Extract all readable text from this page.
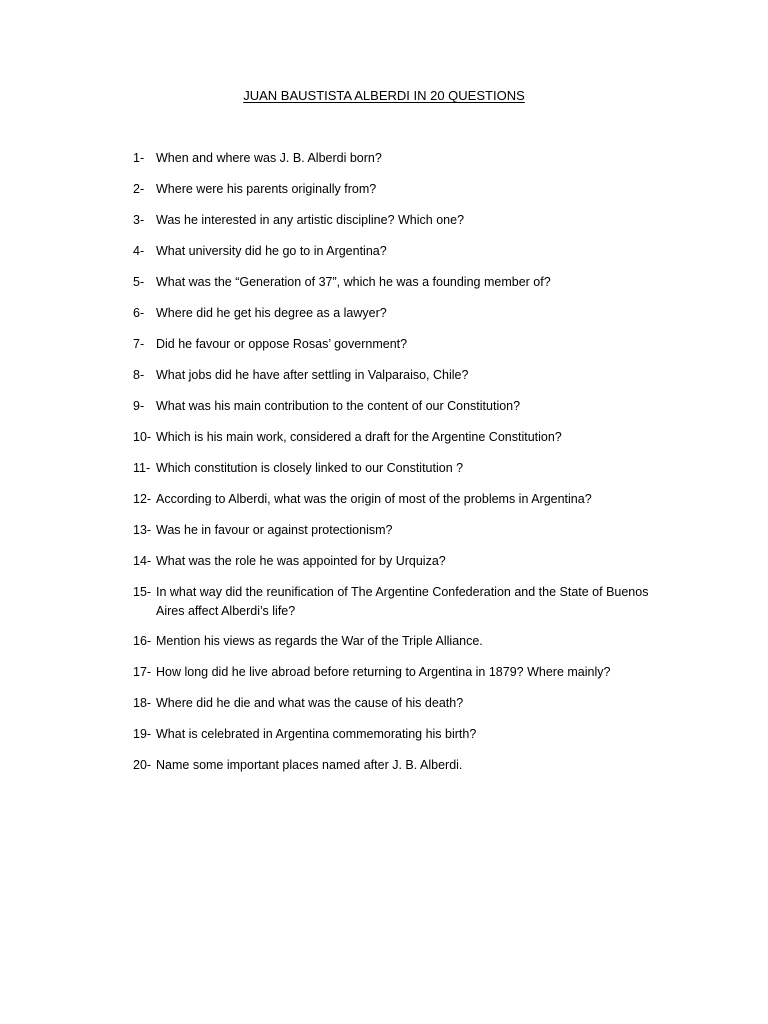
JUAN BAUSTISTA ALBERDI IN 20 QUESTIONS
1- When and where was J. B. Alberdi born?
2- Where were his parents originally from?
3- Was he interested in any artistic discipline? Which one?
4- What university did he go to in Argentina?
5- What was the “Generation of 37”, which he was a founding member of?
6- Where did he get his degree as a lawyer?
7- Did he favour or oppose Rosas’ government?
8- What jobs did he have after settling in Valparaiso, Chile?
9- What was his main contribution to the content of our Constitution?
10- Which is his main work, considered a draft for the Argentine Constitution?
11- Which constitution is closely linked to our Constitution ?
12- According to Alberdi, what was the origin of most of the problems in Argentina?
13- Was he in favour or against protectionism?
14- What was the role he was appointed for by Urquiza?
15- In what way did the reunification of The Argentine Confederation and the State of Buenos Aires affect Alberdi’s life?
16- Mention his views as regards the War of the Triple Alliance.
17- How long did he live abroad before returning to Argentina in 1879? Where mainly?
18- Where did he die and what was the cause of his death?
19- What is celebrated in Argentina commemorating his birth?
20- Name some important places named after J. B. Alberdi.
